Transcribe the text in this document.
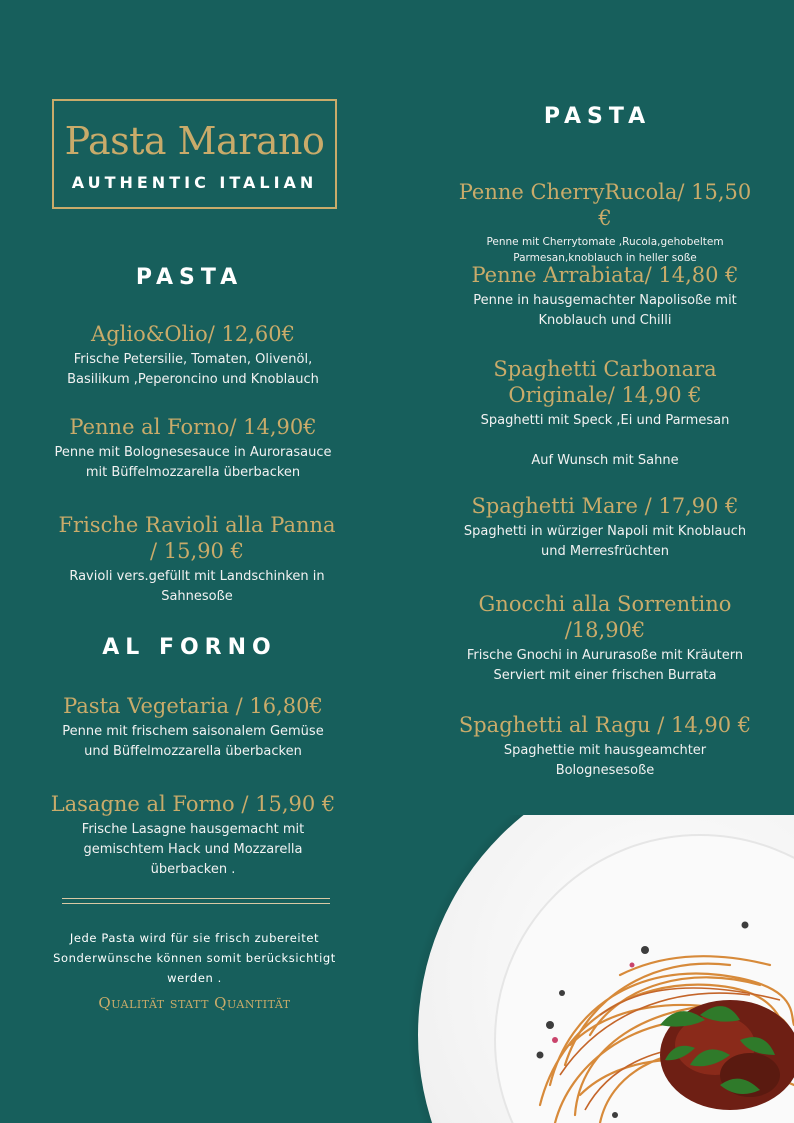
Pasta Marano
AUTHENTIC ITALIAN
PASTA
Aglio&Olio/ 12,60€
Frische Petersilie, Tomaten, Olivenöl, Basilikum ,Peperoncino und Knoblauch
Penne al Forno/ 14,90€
Penne mit Bolognesesauce in Aurorasauce mit Büffelmozzarella überbacken
Frische Ravioli alla Panna / 15,90 €
Ravioli vers.gefüllt mit Landschinken in Sahnesoße
AL FORNO
Pasta Vegetaria / 16,80€
Penne mit frischem saisonalem Gemüse und Büffelmozzarella überbacken
Lasagne al Forno / 15,90 €
Frische Lasagne hausgemacht mit gemischtem Hack und Mozzarella überbacken .
Jede Pasta wird für sie frisch zubereitet Sonderwünsche können somit berücksichtigt werden .
Qualität statt Quantität
PASTA
Penne CherryRucola/ 15,50 €
Penne mit Cherrytomate ,Rucola,gehobeltem Parmesan,knoblauch in heller soße
Penne Arrabiata/ 14,80 €
Penne in hausgemachter Napolisoße mit Knoblauch und Chilli
Spaghetti Carbonara Originale/ 14,90 €
Spaghetti mit Speck ,Ei und Parmesan
Auf Wunsch mit Sahne
Spaghetti Mare / 17,90 €
Spaghetti in würziger Napoli mit Knoblauch und Merresfrüchten
Gnocchi alla Sorrentino /18,90€
Frische Gnochi in Aururasoße mit Kräutern Serviert mit einer frischen Burrata
Spaghetti al Ragu / 14,90 €
Spaghettie mit hausgeamchter Bolognesesoße
